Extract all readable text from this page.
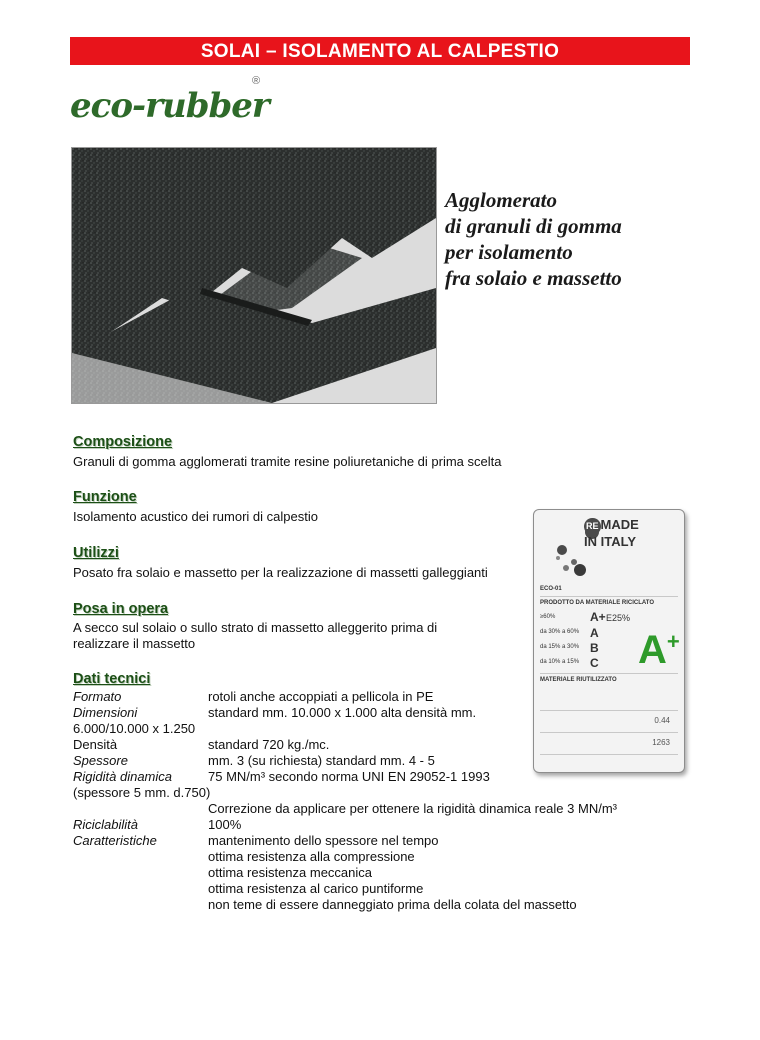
SOLAI – ISOLAMENTO AL CALPESTIO
eco-rubber
®
Agglomerato
di granuli di gomma
per isolamento
fra solaio e massetto
Composizione
Granuli di gomma agglomerati tramite resine poliuretaniche di prima scelta
Funzione
Isolamento acustico dei rumori di calpestio
Utilizzi
Posato fra solaio e massetto per la realizzazione di massetti galleggianti
Posa in opera
A secco sul solaio o sullo strato di massetto alleggerito prima di
realizzare il massetto
Dati tecnici
Formato	rotoli anche accoppiati a pellicola in PE
Dimensioni	standard mm. 10.000 x 1.000 alta densità mm.
6.000/10.000 x 1.250
Densità	standard 720 kg./mc.
Spessore	mm. 3 (su richiesta) standard mm. 4 - 5
Rigidità dinamica	75 MN/m³ secondo norma UNI EN 29052-1 1993
(spessore 5 mm. d.750)
Correzione da applicare per ottenere la rigidità dinamica reale 3 MN/m³
Riciclabilità	100%
Caratteristiche	mantenimento dello spessore nel tempo
ottima resistenza alla compressione
ottima resistenza meccanica
ottima resistenza al carico puntiforme
non teme di essere danneggiato prima della colata del massetto
RE MADE
IN ITALY
ECO-01
PRODOTTO DA MATERIALE RICICLATO
≥60%
da 30% a 60%
da 15% a 30%
da 10% a 15%
A+
A
B
C
E25%
A+
MATERIALE RIUTILIZZATO
0.44
1263
